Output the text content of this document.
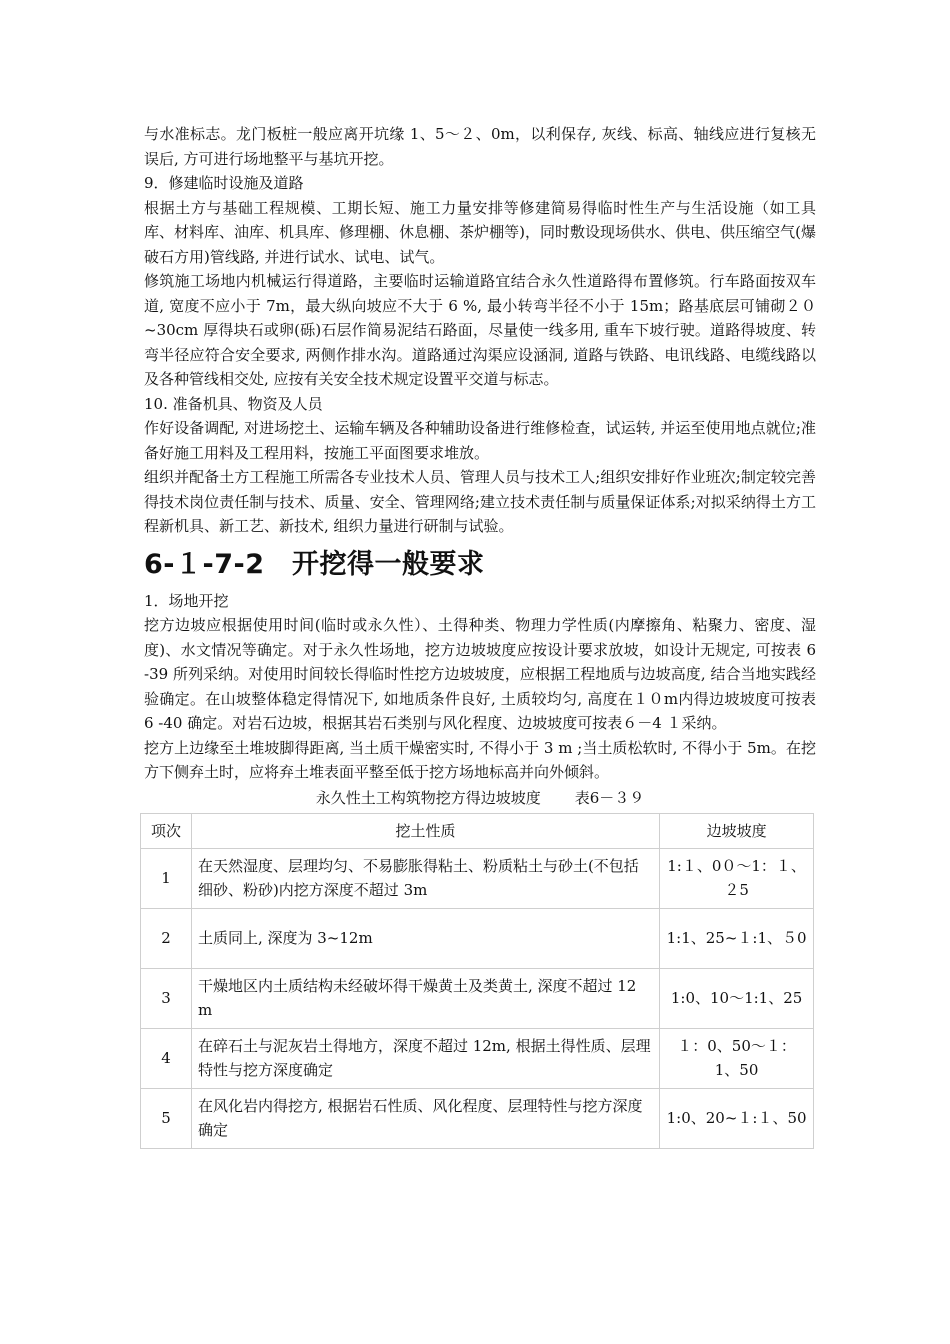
与水准标志。龙门板桩一般应离开坑缘 1、5～２、0m，以利保存, 灰线、标高、轴线应进行复核无误后, 方可进行场地整平与基坑开挖。

9．修建临时设施及道路

根据土方与基础工程规模、工期长短、施工力量安排等修建简易得临时性生产与生活设施（如工具库、材料库、油库、机具库、修理棚、休息棚、茶炉棚等)，同时敷设现场供水、供电、供压缩空气(爆破石方用)管线路, 并进行试水、试电、试气。

修筑施工场地内机械运行得道路，主要临时运输道路宜结合永久性道路得布置修筑。行车路面按双车道, 宽度不应小于 7m，最大纵向坡应不大于 6 %, 最小转弯半径不小于 15m；路基底层可铺砌２０~30cm 厚得块石或卵(砾)石层作简易泥结石路面，尽量使一线多用, 重车下坡行驶。道路得坡度、转弯半径应符合安全要求, 两侧作排水沟。道路通过沟渠应设涵洞, 道路与铁路、电讯线路、电缆线路以及各种管线相交处, 应按有关安全技术规定设置平交道与标志。

10. 准备机具、物资及人员

作好设备调配, 对进场挖土、运输车辆及各种辅助设备进行维修检查，试运转, 并运至使用地点就位;准备好施工用料及工程用料，按施工平面图要求堆放。

组织并配备土方工程施工所需各专业技术人员、管理人员与技术工人;组织安排好作业班次;制定较完善得技术岗位责任制与技术、质量、安全、管理网络;建立技术责任制与质量保证体系;对拟采纳得土方工程新机具、新工艺、新技术, 组织力量进行研制与试验。

6-１-7-2　开挖得一般要求

1．场地开挖

挖方边坡应根据使用时间(临时或永久性）、土得种类、物理力学性质(内摩擦角、粘聚力、密度、湿度)、水文情况等确定。对于永久性场地，挖方边坡坡度应按设计要求放坡，如设计无规定, 可按表 6 -39 所列采纳。对使用时间较长得临时性挖方边坡坡度，应根据工程地质与边坡高度, 结合当地实践经验确定。在山坡整体稳定得情况下, 如地质条件良好, 土质较均匀, 高度在１０m内得边坡坡度可按表 6 -40 确定。对岩石边坡，根据其岩石类别与风化程度、边坡坡度可按表６－4 １采纳。

挖方上边缘至土堆坡脚得距离, 当土质干燥密实时, 不得小于 3 m ;当土质松软时, 不得小于 5m。在挖方下侧弃土时，应将弃土堆表面平整至低于挖方场地标高并向外倾斜。

永久性土工构筑物挖方得边坡坡度 表6－３９
项次	挖土性质	边坡坡度
1	在天然湿度、层理均匀、不易膨胀得粘土、粉质粘土与砂土(不包括细砂、粉砂)内挖方深度不超过 3m	1:１、0０～1：１、２5
2	土质同上, 深度为 3~12m	1:1、25~１:1、５0
3	干燥地区内土质结构未经破坏得干燥黄土及类黄土, 深度不超过 12 m	1:0、10～1:1、25
4	在碎石土与泥灰岩土得地方，深度不超过 12m, 根据土得性质、层理特性与挖方深度确定	１：0、50～１：1、50
5	在风化岩内得挖方, 根据岩石性质、风化程度、层理特性与挖方深度确定	1:0、20~１:１、50
